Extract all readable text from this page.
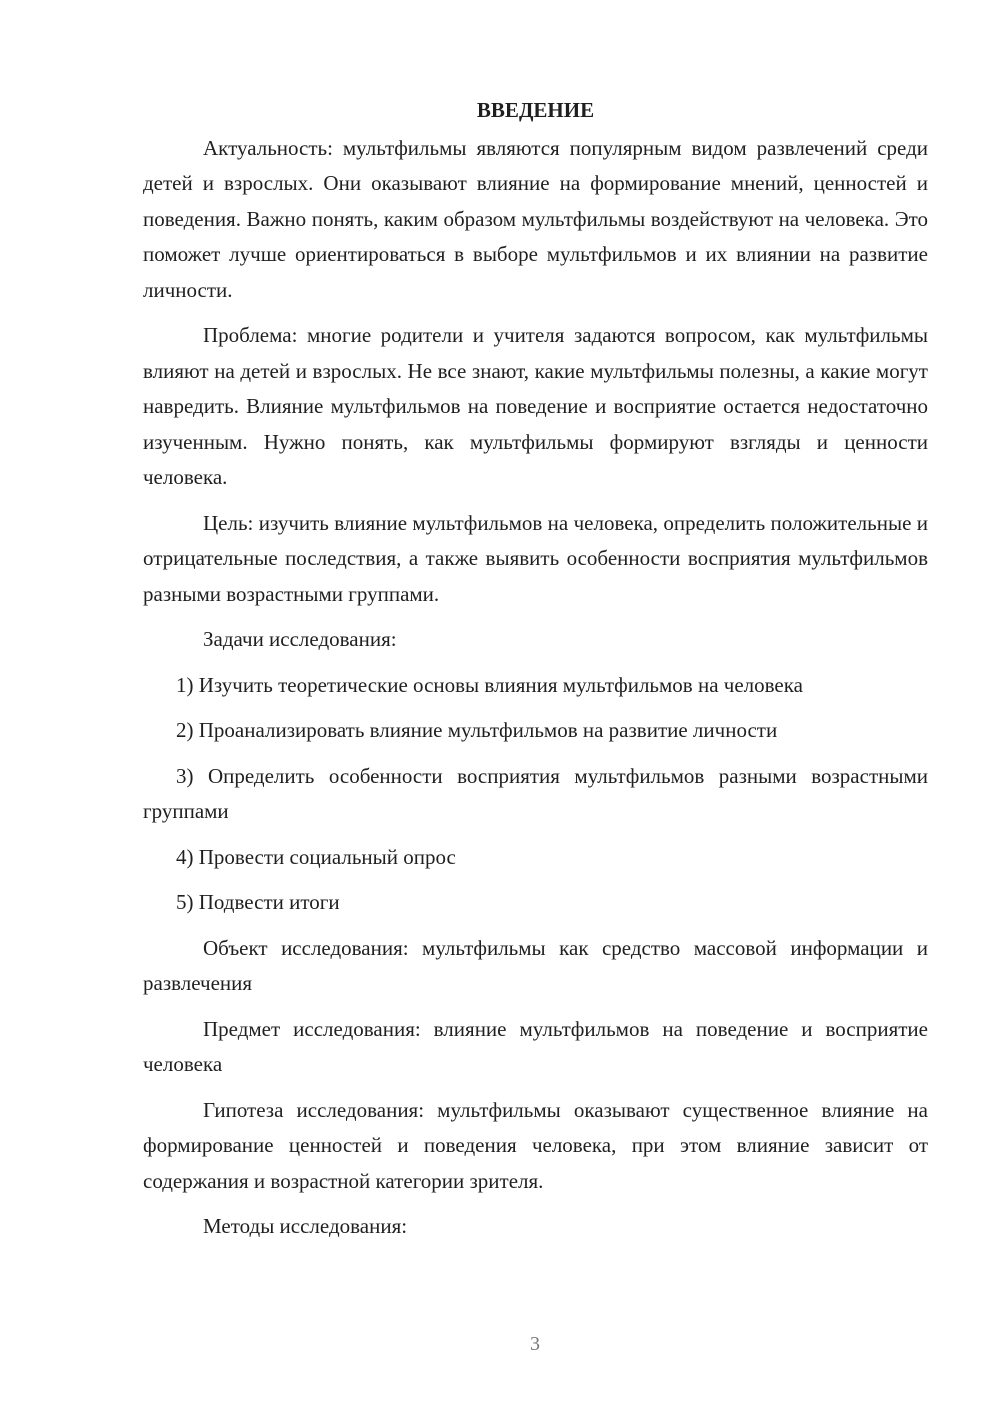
ВВЕДЕНИЕ

Актуальность: мультфильмы являются популярным видом развлечений среди детей и взрослых. Они оказывают влияние на формирование мнений, ценностей и поведения. Важно понять, каким образом мультфильмы воздействуют на человека. Это поможет лучше ориентироваться в выборе мультфильмов и их влиянии на развитие личности.

Проблема: многие родители и учителя задаются вопросом, как мультфильмы влияют на детей и взрослых. Не все знают, какие мультфильмы полезны, а какие могут навредить. Влияние мультфильмов на поведение и восприятие остается недостаточно изученным. Нужно понять, как мультфильмы формируют взгляды и ценности человека.

Цель: изучить влияние мультфильмов на человека, определить положительные и отрицательные последствия, а также выявить особенности восприятия мультфильмов разными возрастными группами.

Задачи исследования:

1) Изучить теоретические основы влияния мультфильмов на человека

2) Проанализировать влияние мультфильмов на развитие личности

3) Определить особенности восприятия мультфильмов разными возрастными группами

4) Провести социальный опрос

5) Подвести итоги

Объект исследования: мультфильмы как средство массовой информации и развлечения

Предмет исследования: влияние мультфильмов на поведение и восприятие человека

Гипотеза исследования: мультфильмы оказывают существенное влияние на формирование ценностей и поведения человека, при этом влияние зависит от содержания и возрастной категории зрителя.

Методы исследования:

3
